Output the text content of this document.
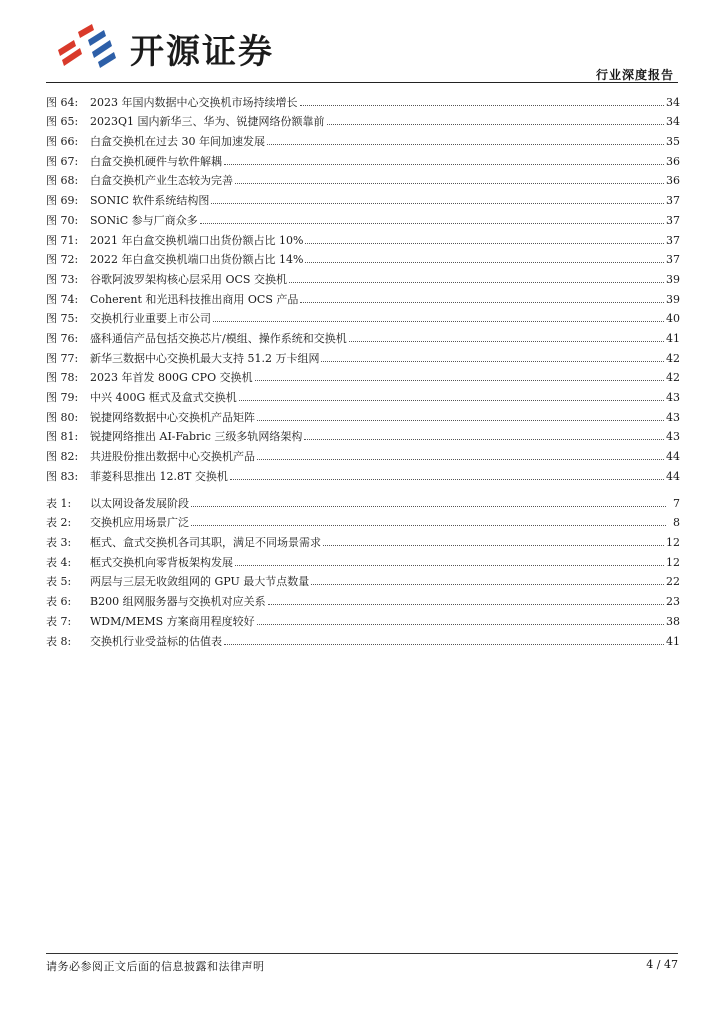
开源证券
行业深度报告
图 64:	2023 年国内数据中心交换机市场持续增长	34
图 65:	2023Q1 国内新华三、华为、锐捷网络份额靠前	34
图 66:	白盒交换机在过去 30 年间加速发展	35
图 67:	白盒交换机硬件与软件解耦	36
图 68:	白盒交换机产业生态较为完善	36
图 69:	SONIC 软件系统结构图	37
图 70:	SONiC 参与厂商众多	37
图 71:	2021 年白盒交换机端口出货份额占比 10%	37
图 72:	2022 年白盒交换机端口出货份额占比 14%	37
图 73:	谷歌阿波罗架构核心层采用 OCS 交换机	39
图 74:	Coherent 和光迅科技推出商用 OCS 产品	39
图 75:	交换机行业重要上市公司	40
图 76:	盛科通信产品包括交换芯片/模组、操作系统和交换机	41
图 77:	新华三数据中心交换机最大支持 51.2 万卡组网	42
图 78:	2023 年首发 800G CPO 交换机	42
图 79:	中兴 400G 框式及盒式交换机	43
图 80:	锐捷网络数据中心交换机产品矩阵	43
图 81:	锐捷网络推出 AI-Fabric 三级多轨网络架构	43
图 82:	共进股份推出数据中心交换机产品	44
图 83:	菲菱科思推出 12.8T 交换机	44
表 1:	以太网设备发展阶段	7
表 2:	交换机应用场景广泛	8
表 3:	框式、盒式交换机各司其职，满足不同场景需求	12
表 4:	框式交换机向零背板架构发展	12
表 5:	两层与三层无收敛组网的 GPU 最大节点数量	22
表 6:	B200 组网服务器与交换机对应关系	23
表 7:	WDM/MEMS 方案商用程度较好	38
表 8:	交换机行业受益标的估值表	41
请务必参阅正文后面的信息披露和法律声明	4 / 47
